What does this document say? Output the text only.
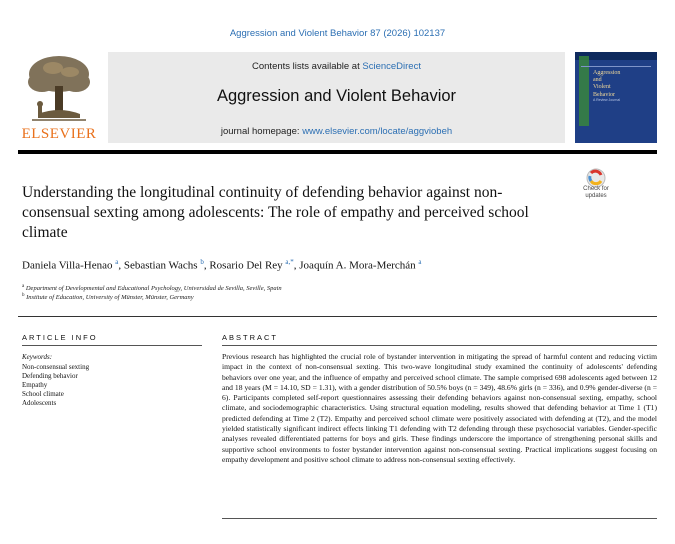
Aggression and Violent Behavior 87 (2026) 102137
ELSEVIER
Contents lists available at ScienceDirect
Aggression and Violent Behavior
journal homepage: www.elsevier.com/locate/aggviobeh
Aggression
and
Violent
Behavior
A Review Journal
Understanding the longitudinal continuity of defending behavior against non-consensual sexting among adolescents: The role of empathy and perceived school climate
Check for
updates
Daniela Villa-Henao $^a$, Sebastian Wachs $^b$, Rosario Del Rey $^{a,*}$, Joaquín A. Mora-Merchán $^a$
$^a$ Department of Developmental and Educational Psychology, Universidad de Sevilla, Seville, Spain
$^b$ Institute of Education, University of Münster, Münster, Germany
ARTICLE INFO
Keywords:
Non-consensual sexting
Defending behavior
Empathy
School climate
Adolescents
ABSTRACT
Previous research has highlighted the crucial role of bystander intervention in mitigating the spread of harmful content and reducing victim impact in the context of non-consensual sexting. This two-wave longitudinal study examined the continuity of adolescents' defending behaviors over one year, and the influence of empathy and perceived school climate. The sample comprised 698 adolescents aged between 12 and 18 years (M = 14.10, SD = 1.31), with a gender distribution of 50.5% boys (n = 349), 48.6% girls (n = 336), and 0.9% gender-diverse (n = 6). Participants completed self-report questionnaires assessing their defending behaviors against non-consensual sexting, empathy, school climate, and sociodemographic characteristics. Using structural equation modeling, results showed that defending behavior at Time 1 (T1) predicted defending at Time 2 (T2). Empathy and perceived school climate were positively associated with defending at (T2), and the model yielded statistically significant indirect effects linking T1 defending with T2 defending through these psychosocial variables. Gender-specific analyses revealed differentiated patterns for boys and girls. These findings underscore the importance of strengthening personal skills and supportive school environments to foster bystander intervention against non-consensual sexting. Practical implications suggest focusing on empathy development and positive school climate to address non-consensual sexting effectively.
